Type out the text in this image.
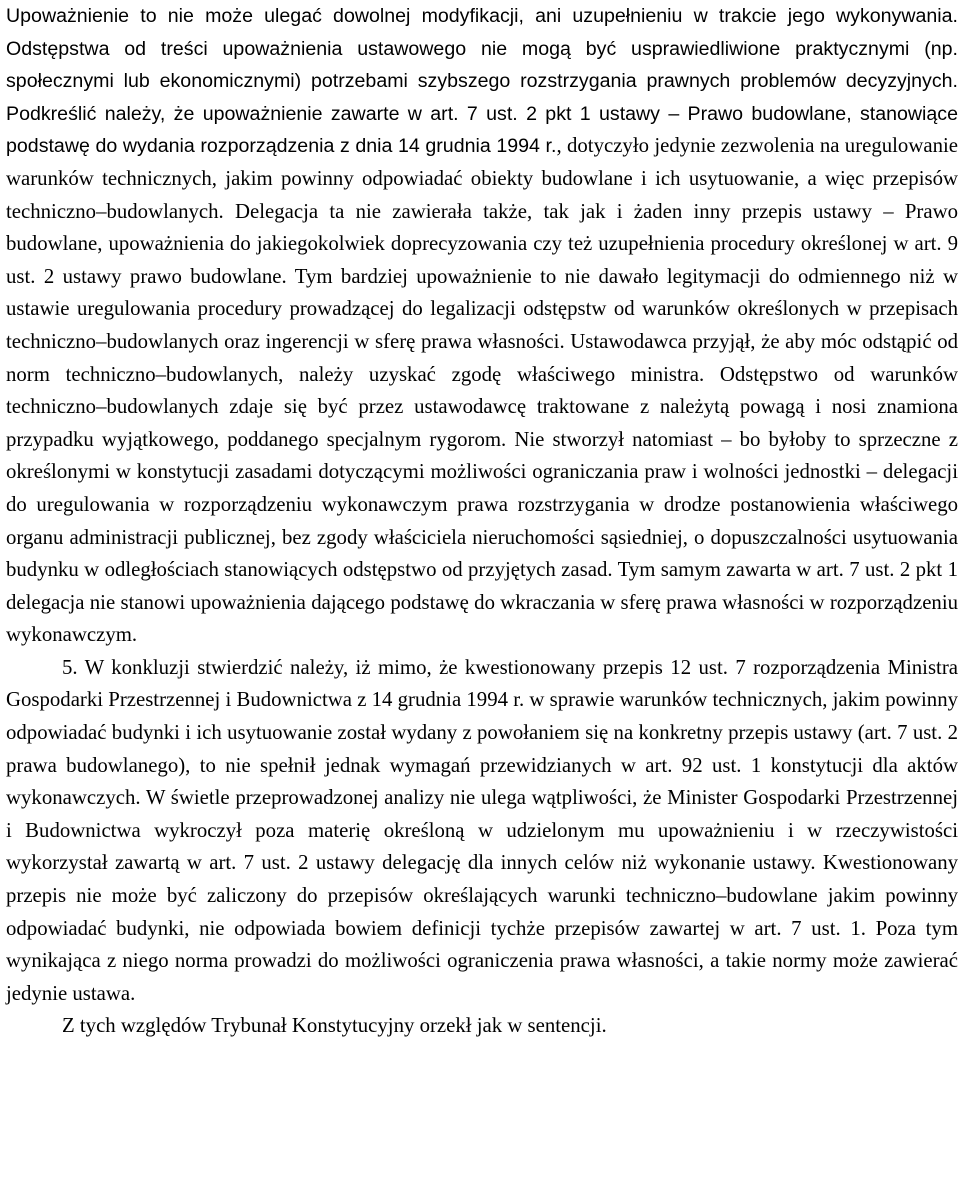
Upoważnienie to nie może ulegać dowolnej modyfikacji, ani uzupełnieniu w trakcie jego wykonywania. Odstępstwa od treści upoważnienia ustawowego nie mogą być usprawiedliwione praktycznymi (np. społecznymi lub ekonomicznymi) potrzebami szybszego rozstrzygania prawnych problemów decyzyjnych. Podkreślić należy, że upoważnienie zawarte w art. 7 ust. 2 pkt 1 ustawy – Prawo budowlane, stanowiące podstawę do wydania rozporządzenia z dnia 14 grudnia 1994 r., dotyczyło jedynie zezwolenia na uregulowanie warunków technicznych, jakim powinny odpowiadać obiekty budowlane i ich usytuowanie, a więc przepisów techniczno–budowlanych. Delegacja ta nie zawierała także, tak jak i żaden inny przepis ustawy – Prawo budowlane, upoważnienia do jakiegokolwiek doprecyzowania czy też uzupełnienia procedury określonej w art. 9 ust. 2 ustawy prawo budowlane. Tym bardziej upoważnienie to nie dawało legitymacji do odmiennego niż w ustawie uregulowania procedury prowadzącej do legalizacji odstępstw od warunków określonych w przepisach techniczno–budowlanych oraz ingerencji w sferę prawa własności. Ustawodawca przyjął, że aby móc odstąpić od norm techniczno–budowlanych, należy uzyskać zgodę właściwego ministra. Odstępstwo od warunków techniczno–budowlanych zdaje się być przez ustawodawcę traktowane z należytą powagą i nosi znamiona przypadku wyjątkowego, poddanego specjalnym rygorom. Nie stworzył natomiast – bo byłoby to sprzeczne z określonymi w konstytucji zasadami dotyczącymi możliwości ograniczania praw i wolności jednostki – delegacji do uregulowania w rozporządzeniu wykonawczym prawa rozstrzygania w drodze postanowienia właściwego organu administracji publicznej, bez zgody właściciela nieruchomości sąsiedniej, o dopuszczalności usytuowania budynku w odległościach stanowiących odstępstwo od przyjętych zasad. Tym samym zawarta w art. 7 ust. 2 pkt 1 delegacja nie stanowi upoważnienia dającego podstawę do wkraczania w sferę prawa własności w rozporządzeniu wykonawczym.

5. W konkluzji stwierdzić należy, iż mimo, że kwestionowany przepis 12 ust. 7 rozporządzenia Ministra Gospodarki Przestrzennej i Budownictwa z 14 grudnia 1994 r. w sprawie warunków technicznych, jakim powinny odpowiadać budynki i ich usytuowanie został wydany z powołaniem się na konkretny przepis ustawy (art. 7 ust. 2 prawa budowlanego), to nie spełnił jednak wymagań przewidzianych w art. 92 ust. 1 konstytucji dla aktów wykonawczych. W świetle przeprowadzonej analizy nie ulega wątpliwości, że Minister Gospodarki Przestrzennej i Budownictwa wykroczył poza materię określoną w udzielonym mu upoważnieniu i w rzeczywistości wykorzystał zawartą w art. 7 ust. 2 ustawy delegację dla innych celów niż wykonanie ustawy. Kwestionowany przepis nie może być zaliczony do przepisów określających warunki techniczno–budowlane jakim powinny odpowiadać budynki, nie odpowiada bowiem definicji tychże przepisów zawartej w art. 7 ust. 1. Poza tym wynikająca z niego norma prowadzi do możliwości ograniczenia prawa własności, a takie normy może zawierać jedynie ustawa.

Z tych względów Trybunał Konstytucyjny orzekł jak w sentencji.
